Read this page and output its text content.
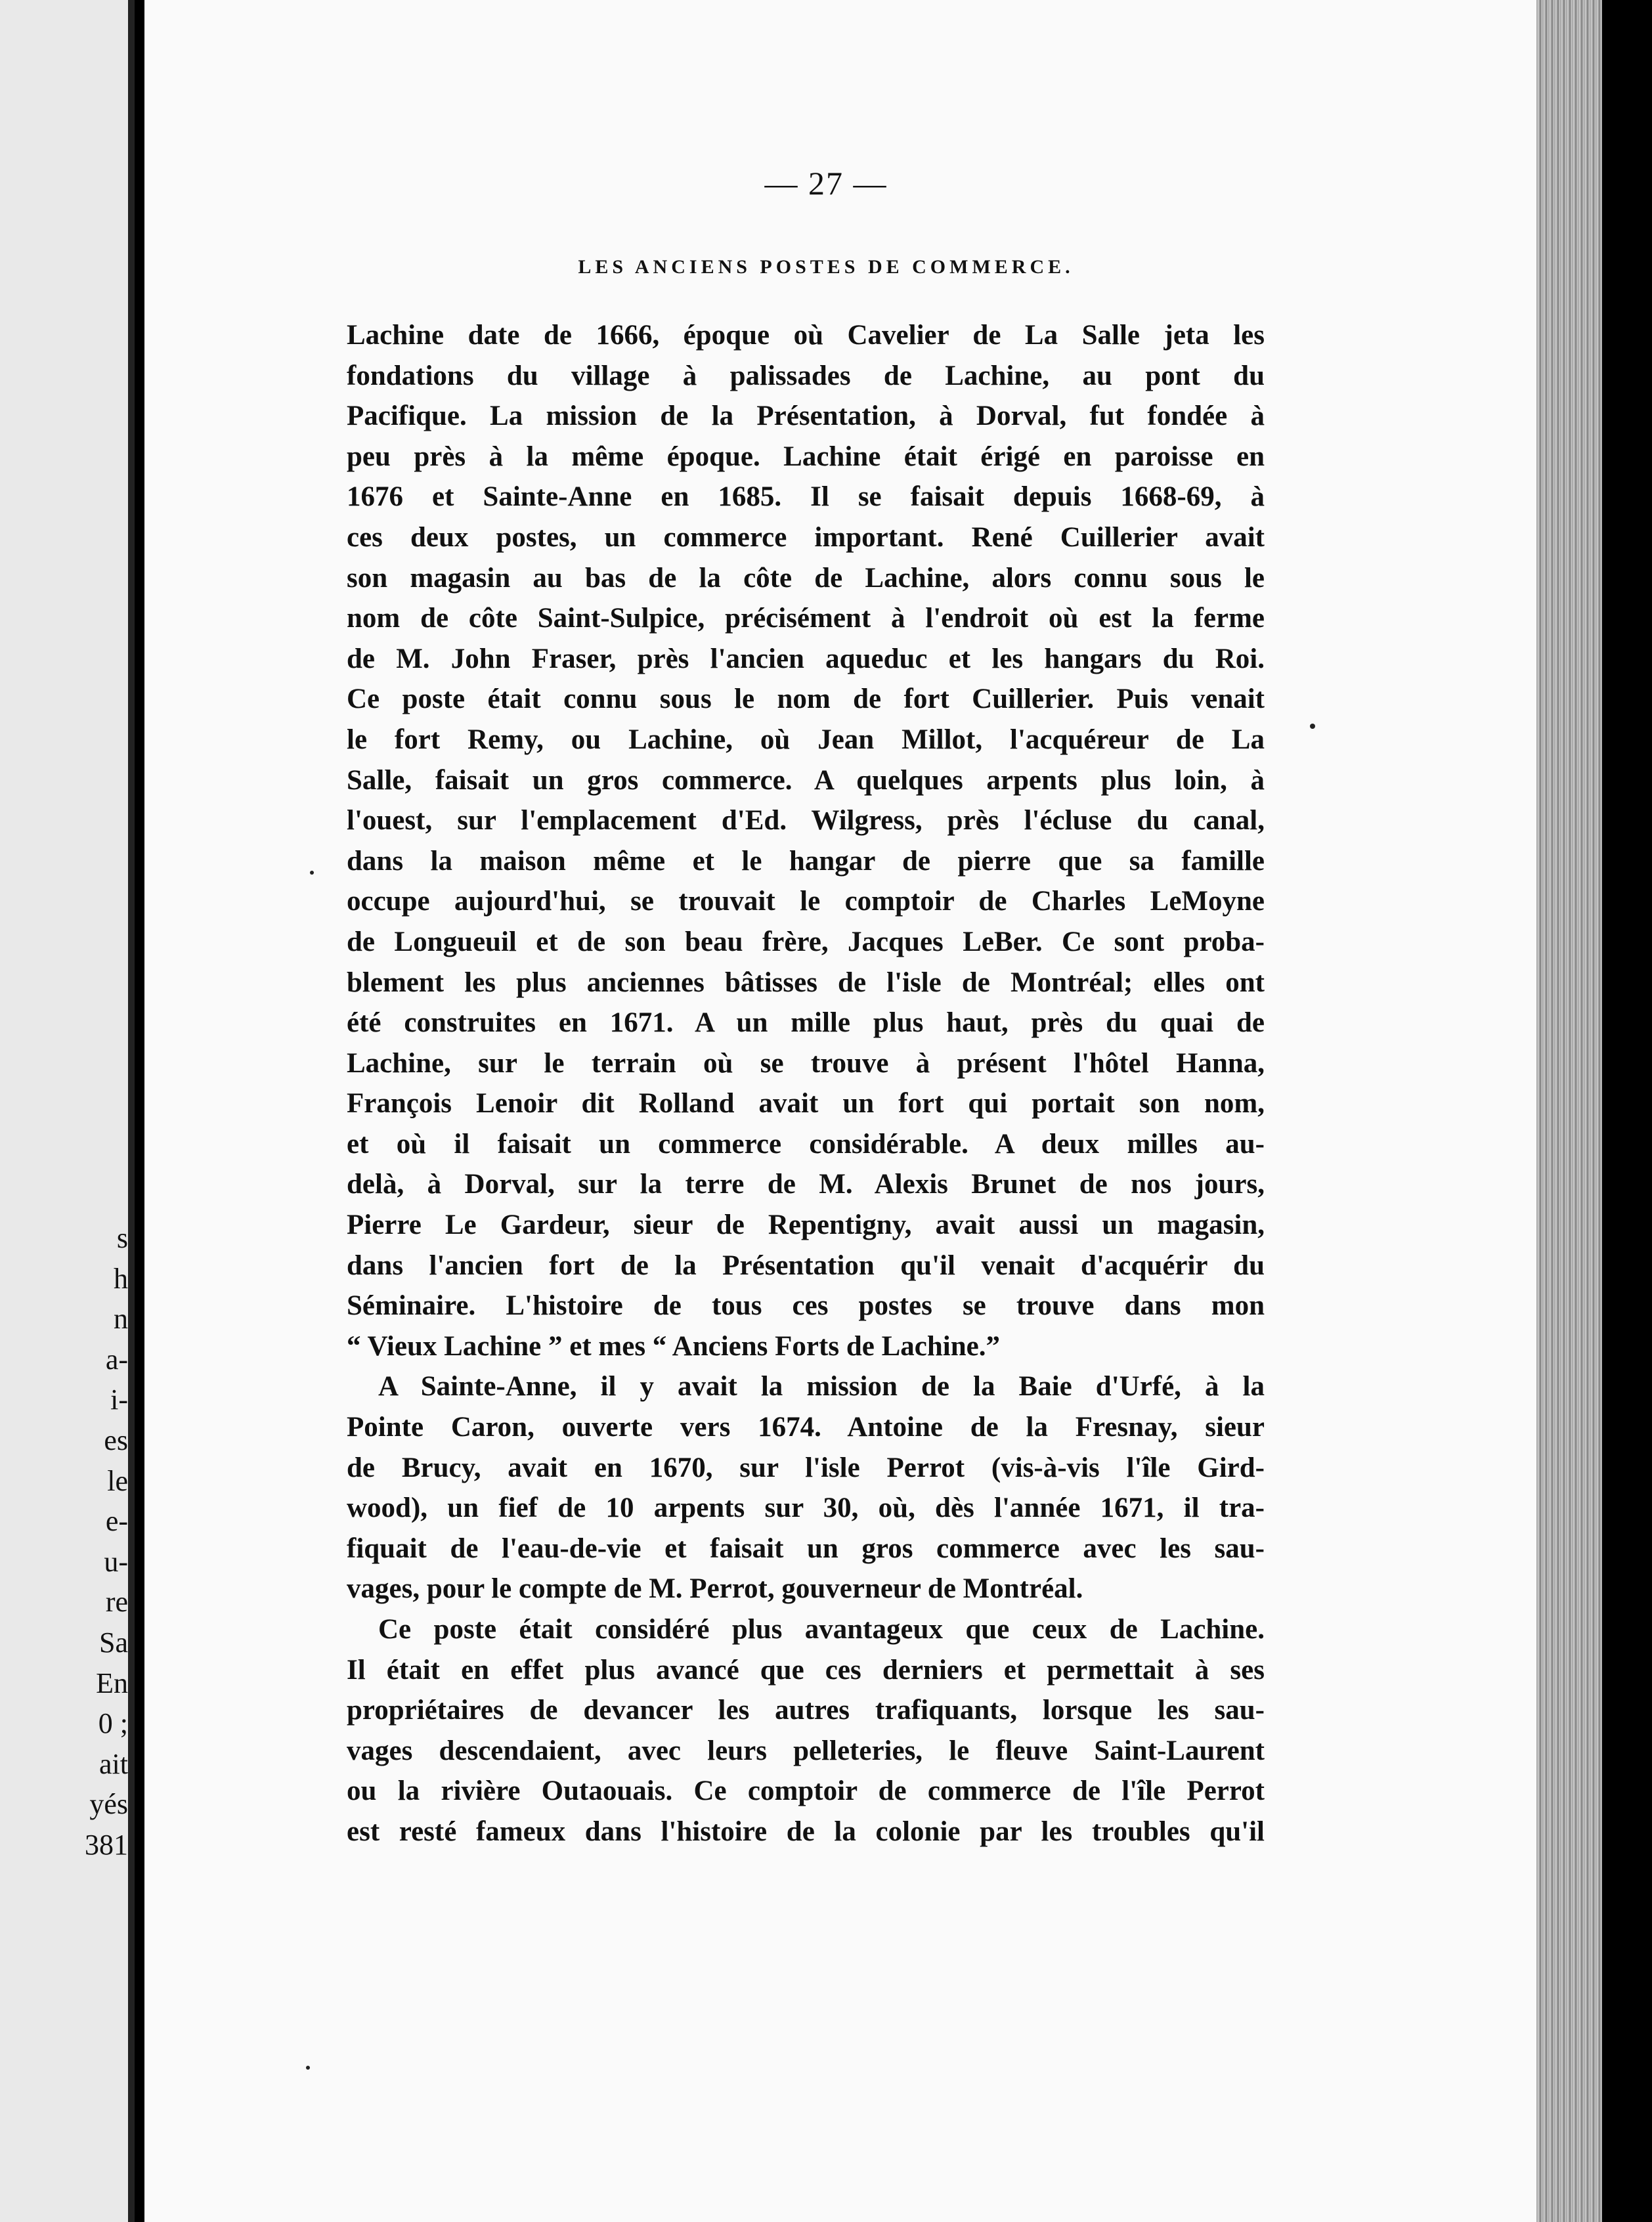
s
h
n
a-
i-
es
le
e-
u-
re
Sa
En
0 ;
ait
yés
381
— 27 —
LES ANCIENS POSTES DE COMMERCE.
Lachine date de 1666, époque où Cavelier de La Salle jeta les
fondations du village à palissades de Lachine, au pont du
Pacifique. La mission de la Présentation, à Dorval, fut fondée à
peu près à la même époque. Lachine était érigé en paroisse en
1676 et Sainte-Anne en 1685. Il se faisait depuis 1668-69, à
ces deux postes, un commerce important. René Cuillerier avait
son magasin au bas de la côte de Lachine, alors connu sous le
nom de côte Saint-Sulpice, précisément à l'endroit où est la ferme
de M. John Fraser, près l'ancien aqueduc et les hangars du Roi.
Ce poste était connu sous le nom de fort Cuillerier. Puis venait
le fort Remy, ou Lachine, où Jean Millot, l'acquéreur de La
Salle, faisait un gros commerce. A quelques arpents plus loin, à
l'ouest, sur l'emplacement d'Ed. Wilgress, près l'écluse du canal,
dans la maison même et le hangar de pierre que sa famille
occupe aujourd'hui, se trouvait le comptoir de Charles LeMoyne
de Longueuil et de son beau frère, Jacques LeBer. Ce sont proba-
blement les plus anciennes bâtisses de l'isle de Montréal; elles ont
été construites en 1671. A un mille plus haut, près du quai de
Lachine, sur le terrain où se trouve à présent l'hôtel Hanna,
François Lenoir dit Rolland avait un fort qui portait son nom,
et où il faisait un commerce considérable. A deux milles au-
delà, à Dorval, sur la terre de M. Alexis Brunet de nos jours,
Pierre Le Gardeur, sieur de Repentigny, avait aussi un magasin,
dans l'ancien fort de la Présentation qu'il venait d'acquérir du
Séminaire. L'histoire de tous ces postes se trouve dans mon
“ Vieux Lachine ” et mes “ Anciens Forts de Lachine.”
A Sainte-Anne, il y avait la mission de la Baie d'Urfé, à la
Pointe Caron, ouverte vers 1674. Antoine de la Fresnay, sieur
de Brucy, avait en 1670, sur l'isle Perrot (vis-à-vis l'île Gird-
wood), un fief de 10 arpents sur 30, où, dès l'année 1671, il tra-
fiquait de l'eau-de-vie et faisait un gros commerce avec les sau-
vages, pour le compte de M. Perrot, gouverneur de Montréal.
Ce poste était considéré plus avantageux que ceux de Lachine.
Il était en effet plus avancé que ces derniers et permettait à ses
propriétaires de devancer les autres trafiquants, lorsque les sau-
vages descendaient, avec leurs pelleteries, le fleuve Saint-Laurent
ou la rivière Outaouais. Ce comptoir de commerce de l'île Perrot
est resté fameux dans l'histoire de la colonie par les troubles qu'il
